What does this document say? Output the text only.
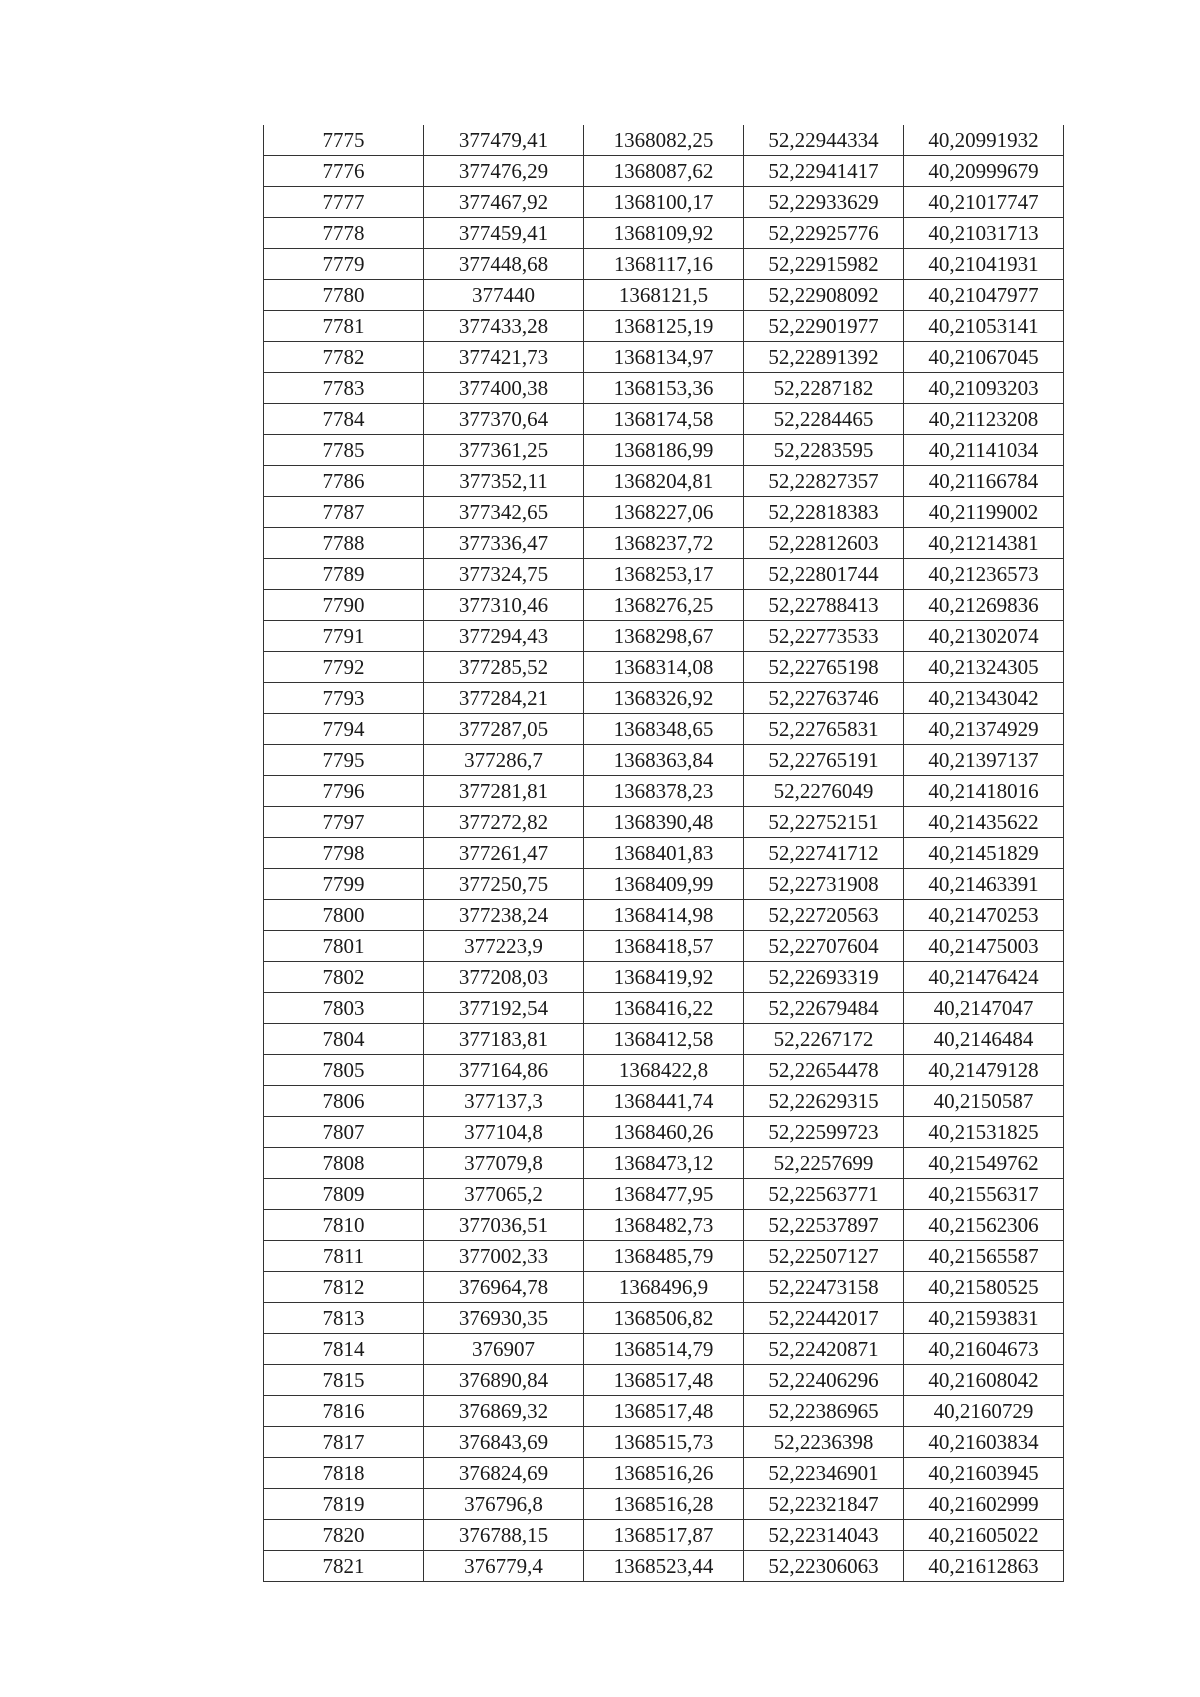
7775	377479,41	1368082,25	52,22944334	40,20991932
7776	377476,29	1368087,62	52,22941417	40,20999679
7777	377467,92	1368100,17	52,22933629	40,21017747
7778	377459,41	1368109,92	52,22925776	40,21031713
7779	377448,68	1368117,16	52,22915982	40,21041931
7780	377440	1368121,5	52,22908092	40,21047977
7781	377433,28	1368125,19	52,22901977	40,21053141
7782	377421,73	1368134,97	52,22891392	40,21067045
7783	377400,38	1368153,36	52,2287182	40,21093203
7784	377370,64	1368174,58	52,2284465	40,21123208
7785	377361,25	1368186,99	52,2283595	40,21141034
7786	377352,11	1368204,81	52,22827357	40,21166784
7787	377342,65	1368227,06	52,22818383	40,21199002
7788	377336,47	1368237,72	52,22812603	40,21214381
7789	377324,75	1368253,17	52,22801744	40,21236573
7790	377310,46	1368276,25	52,22788413	40,21269836
7791	377294,43	1368298,67	52,22773533	40,21302074
7792	377285,52	1368314,08	52,22765198	40,21324305
7793	377284,21	1368326,92	52,22763746	40,21343042
7794	377287,05	1368348,65	52,22765831	40,21374929
7795	377286,7	1368363,84	52,22765191	40,21397137
7796	377281,81	1368378,23	52,2276049	40,21418016
7797	377272,82	1368390,48	52,22752151	40,21435622
7798	377261,47	1368401,83	52,22741712	40,21451829
7799	377250,75	1368409,99	52,22731908	40,21463391
7800	377238,24	1368414,98	52,22720563	40,21470253
7801	377223,9	1368418,57	52,22707604	40,21475003
7802	377208,03	1368419,92	52,22693319	40,21476424
7803	377192,54	1368416,22	52,22679484	40,2147047
7804	377183,81	1368412,58	52,2267172	40,2146484
7805	377164,86	1368422,8	52,22654478	40,21479128
7806	377137,3	1368441,74	52,22629315	40,2150587
7807	377104,8	1368460,26	52,22599723	40,21531825
7808	377079,8	1368473,12	52,2257699	40,21549762
7809	377065,2	1368477,95	52,22563771	40,21556317
7810	377036,51	1368482,73	52,22537897	40,21562306
7811	377002,33	1368485,79	52,22507127	40,21565587
7812	376964,78	1368496,9	52,22473158	40,21580525
7813	376930,35	1368506,82	52,22442017	40,21593831
7814	376907	1368514,79	52,22420871	40,21604673
7815	376890,84	1368517,48	52,22406296	40,21608042
7816	376869,32	1368517,48	52,22386965	40,2160729
7817	376843,69	1368515,73	52,2236398	40,21603834
7818	376824,69	1368516,26	52,22346901	40,21603945
7819	376796,8	1368516,28	52,22321847	40,21602999
7820	376788,15	1368517,87	52,22314043	40,21605022
7821	376779,4	1368523,44	52,22306063	40,21612863
